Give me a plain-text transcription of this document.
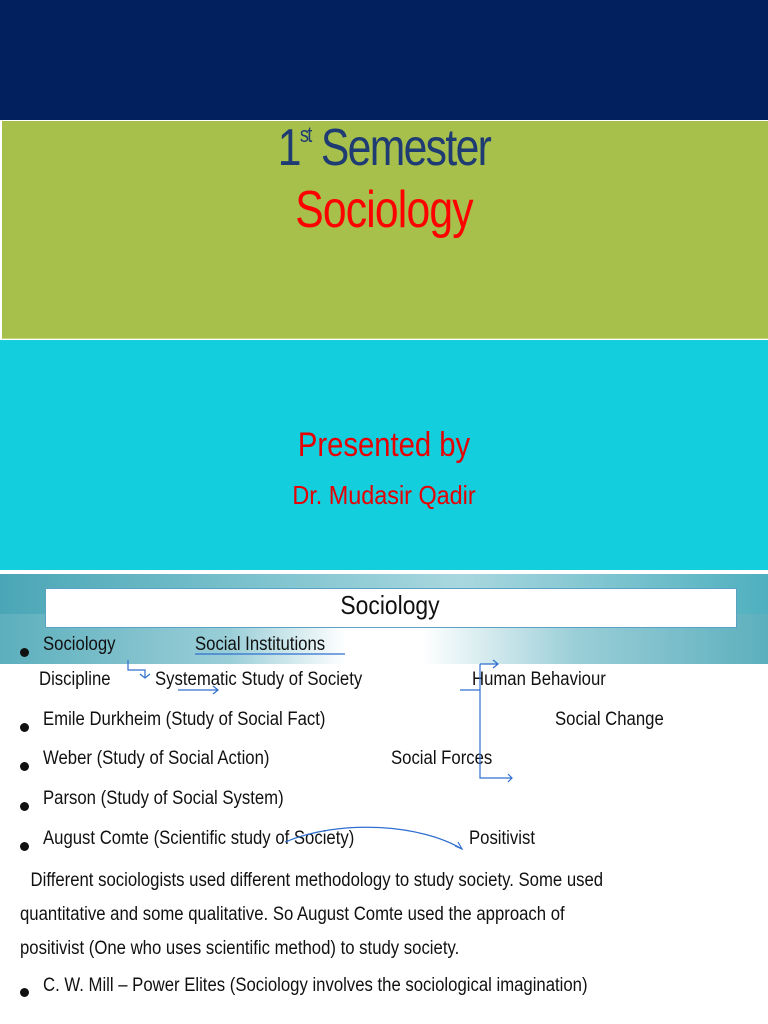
1st Semester
Sociology
Presented by
Dr. Mudasir Qadir
Sociology
Sociology	Social Institutions
Discipline	Systematic Study of Society	Human Behaviour
Emile Durkheim (Study of Social Fact)	Social Change
Weber (Study of Social Action)	Social Forces
Parson (Study of Social System)
August Comte (Scientific study of Society)	Positivist
Different sociologists used different methodology to study society. Some used
quantitative and some qualitative. So August Comte used the approach of
positivist (One who uses scientific method) to study society.
C. W. Mill – Power Elites (Sociology involves the sociological imagination)
